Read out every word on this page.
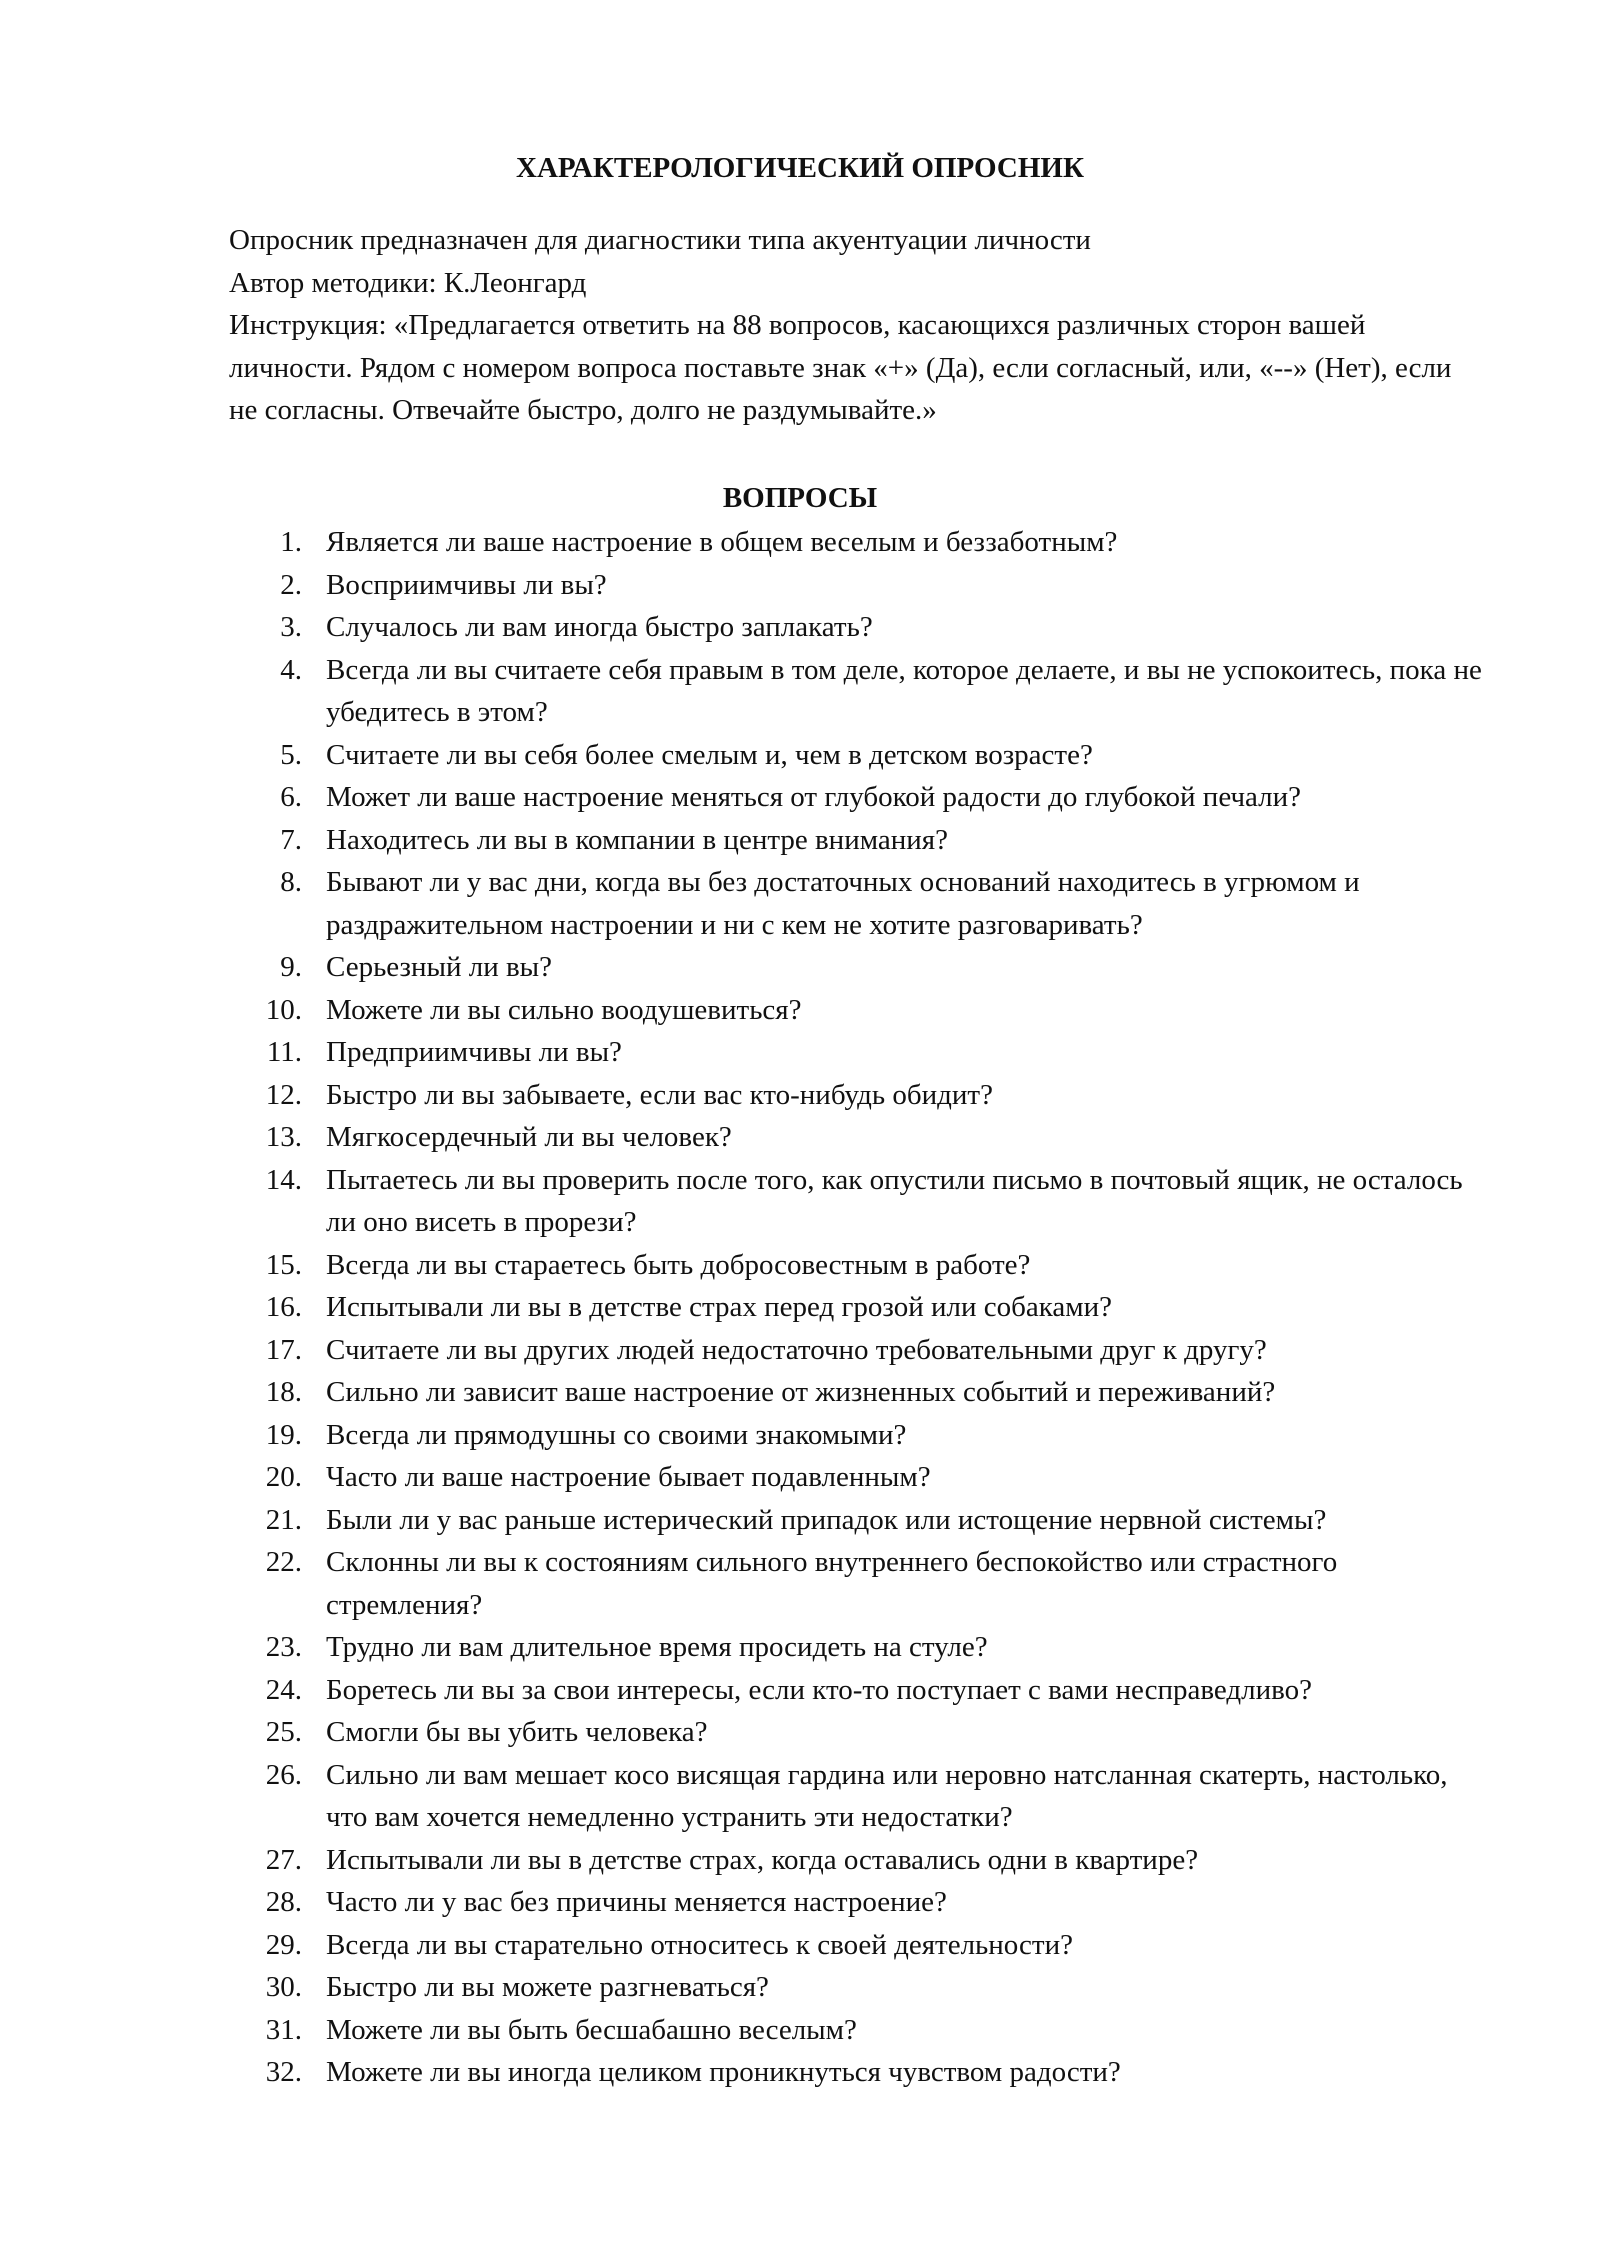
ХАРАКТЕРОЛОГИЧЕСКИЙ ОПРОСНИК

Опросник предназначен для диагностики типа акуентуации личности

Автор методики: К.Леонгард

Инструкция: «Предлагается ответить на 88 вопросов, касающихся различных сторон вашей личности. Рядом с номером вопроса поставьте знак «+» (Да), если согласный, или, «--» (Нет), если не согласны. Отвечайте быстро, долго не раздумывайте.»

ВОПРОСЫ
1. Является ли ваше настроение в общем веселым и беззаботным?
2. Восприимчивы ли вы?
3. Случалось ли вам иногда быстро заплакать?
4. Всегда ли вы считаете себя правым в том деле, которое делаете, и вы не успокоитесь, пока не убедитесь в этом?
5. Считаете ли вы себя более смелым и, чем в детском возрасте?
6. Может ли ваше настроение меняться от глубокой радости до глубокой печали?
7. Находитесь ли вы в компании в центре внимания?
8. Бывают ли у вас дни, когда вы без достаточных оснований находитесь в угрюмом и раздражительном настроении и ни с кем не хотите разговаривать?
9. Серьезный ли вы?
10. Можете ли вы сильно воодушевиться?
11. Предприимчивы ли вы?
12. Быстро ли вы забываете, если вас кто-нибудь обидит?
13. Мягкосердечный ли вы человек?
14. Пытаетесь ли вы проверить после того, как опустили письмо в почтовый ящик, не осталось ли оно висеть в прорези?
15. Всегда ли вы стараетесь быть добросовестным в работе?
16. Испытывали ли вы в детстве страх перед грозой или собаками?
17. Считаете ли вы других людей недостаточно требовательными друг к другу?
18. Сильно ли зависит ваше настроение от жизненных событий и переживаний?
19. Всегда ли прямодушны со своими знакомыми?
20. Часто ли ваше настроение бывает подавленным?
21. Были ли у вас раньше истерический припадок или истощение нервной системы?
22. Склонны ли вы к состояниям сильного внутреннего беспокойство или страстного стремления?
23. Трудно ли вам длительное время просидеть на стуле?
24. Боретесь ли вы за свои интересы, если кто-то поступает с вами несправедливо?
25. Смогли бы вы убить человека?
26. Сильно ли вам мешает косо висящая гардина или неровно натсланная скатерть, настолько, что вам хочется немедленно устранить эти недостатки?
27. Испытывали ли вы в детстве страх, когда оставались одни в квартире?
28. Часто ли у вас без причины меняется настроение?
29. Всегда ли вы старательно относитесь к своей деятельности?
30. Быстро ли вы можете разгневаться?
31. Можете ли вы быть бесшабашно веселым?
32. Можете ли вы иногда целиком проникнуться чувством радости?
